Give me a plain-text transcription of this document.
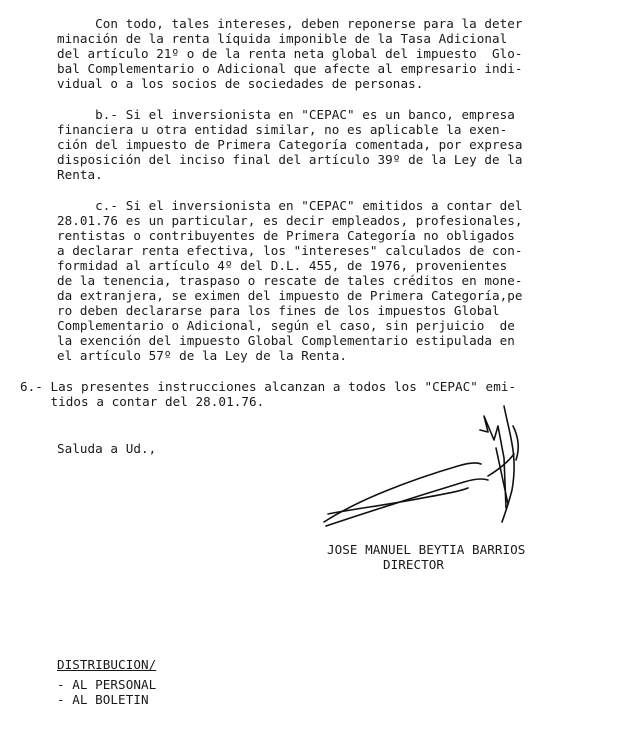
Con todo, tales intereses, deben reponerse para la deter
minación de la renta líquida imponible de la Tasa Adicional
del artículo 21º o de la renta neta global del impuesto  Glo-
bal Complementario o Adicional que afecte al empresario indi-
vidual o a los socios de sociedades de personas.
b.- Si el inversionista en "CEPAC" es un banco, empresa
financiera u otra entidad similar, no es aplicable la exen-
ción del impuesto de Primera Categoría comentada, por expresa
disposición del inciso final del artículo 39º de la Ley de la
Renta.
c.- Si el inversionista en "CEPAC" emitidos a contar del
28.01.76 es un particular, es decir empleados, profesionales,
rentistas o contribuyentes de Primera Categoría no obligados
a declarar renta efectiva, los "intereses" calculados de con-
formidad al artículo 4º del D.L. 455, de 1976, provenientes
de la tenencia, traspaso o rescate de tales créditos en mone-
da extranjera, se eximen del impuesto de Primera Categoría,pe
ro deben declararse para los fines de los impuestos Global
Complementario o Adicional, según el caso, sin perjuicio  de
la exención del impuesto Global Complementario estipulada en
el artículo 57º de la Ley de la Renta.
6.- Las presentes instrucciones alcanzan a todos los "CEPAC" emi-
tidos a contar del 28.01.76.
Saluda a Ud.,
JOSE MANUEL BEYTIA BARRIOS
DIRECTOR
DISTRIBUCION/
- AL PERSONAL
- AL BOLETIN
